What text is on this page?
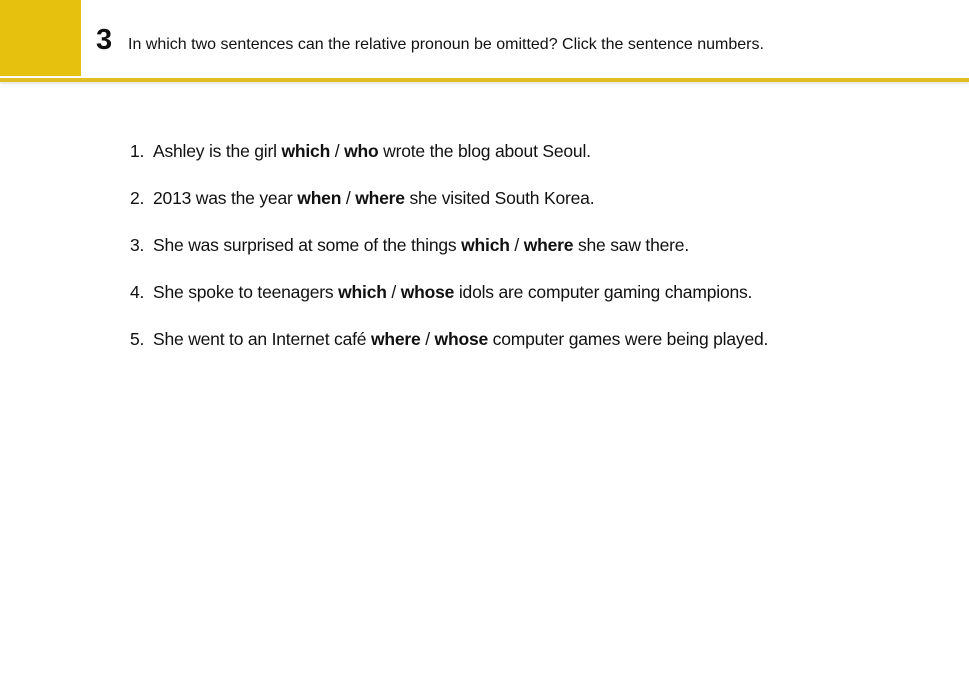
3 In which two sentences can the relative pronoun be omitted? Click the sentence numbers.
1. Ashley is the girl which / who wrote the blog about Seoul.
2. 2013 was the year when / where she visited South Korea.
3. She was surprised at some of the things which / where she saw there.
4. She spoke to teenagers which / whose idols are computer gaming champions.
5. She went to an Internet café where / whose computer games were being played.
